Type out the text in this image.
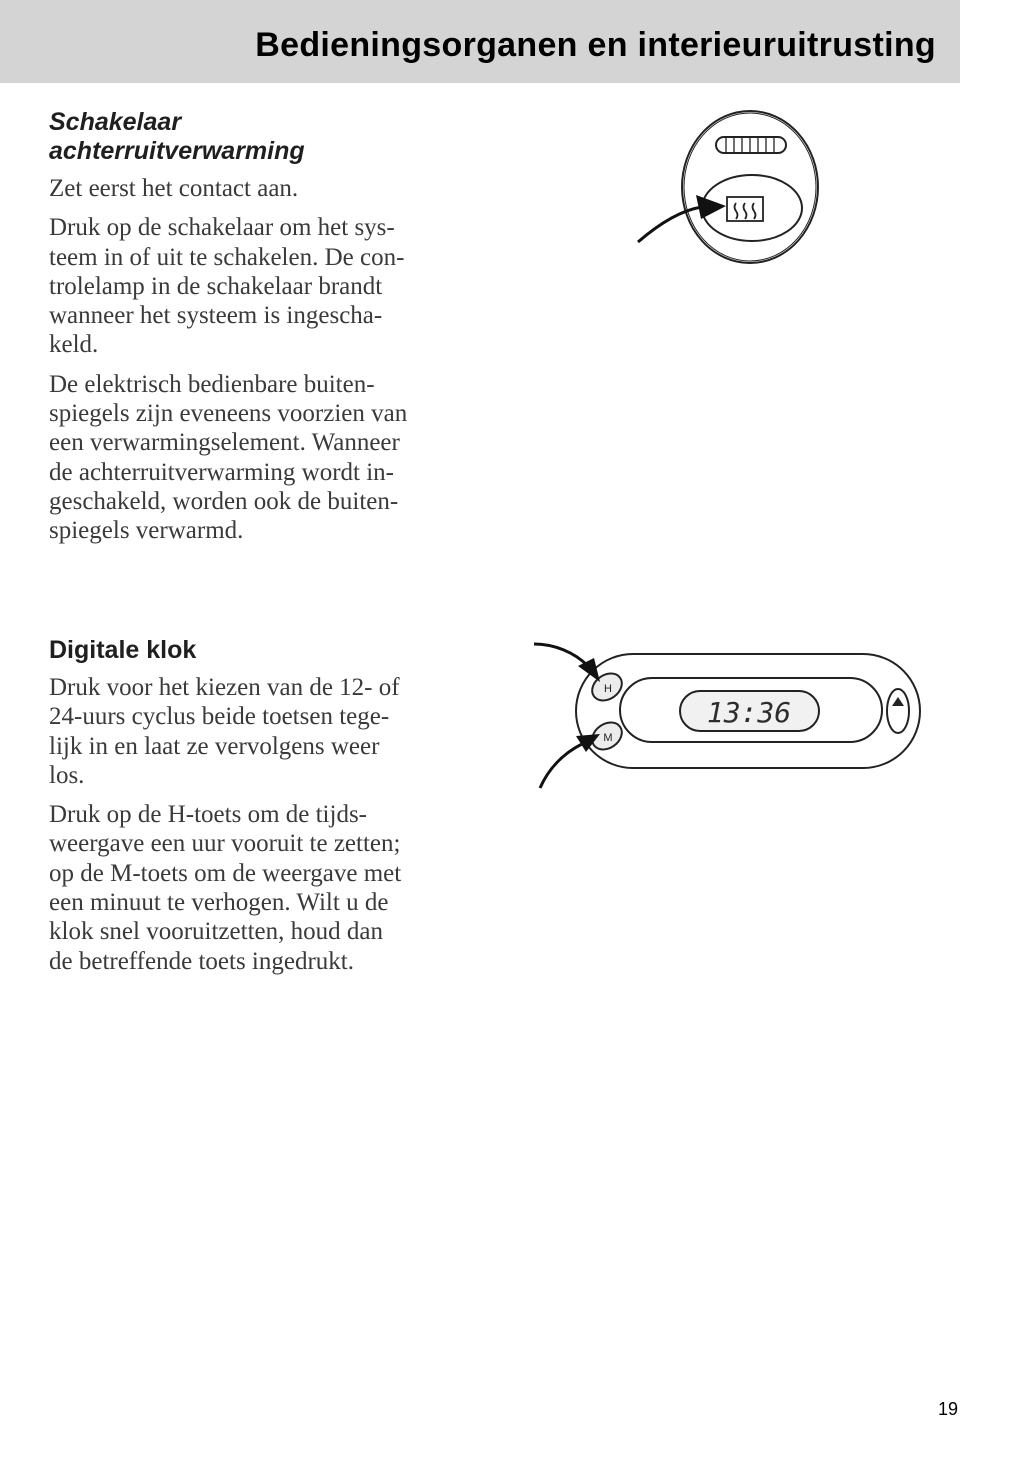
Bedieningsorganen en interieuruitrusting
Schakelaar
achterruitverwarming

Zet eerst het contact aan.

Druk op de schakelaar om het sys-
teem in of uit te schakelen. De con-
trolelamp in de schakelaar brandt
wanneer het systeem is ingescha-
keld.

De elektrisch bedienbare buiten-
spiegels zijn eveneens voorzien van
een verwarmingselement. Wanneer
de achterruitverwarming wordt in-
geschakeld, worden ook de buiten-
spiegels verwarmd.

Digitale klok

Druk voor het kiezen van de 12- of
24-uurs cyclus beide toetsen tege-
lijk in en laat ze vervolgens weer
los.

Druk op de H-toets om de tijds-
weergave een uur vooruit te zetten;
op de M-toets om de weergave met
een minuut te verhogen. Wilt u de
klok snel vooruitzetten, houd dan
de betreffende toets ingedrukt.

13:36
H
M
19
